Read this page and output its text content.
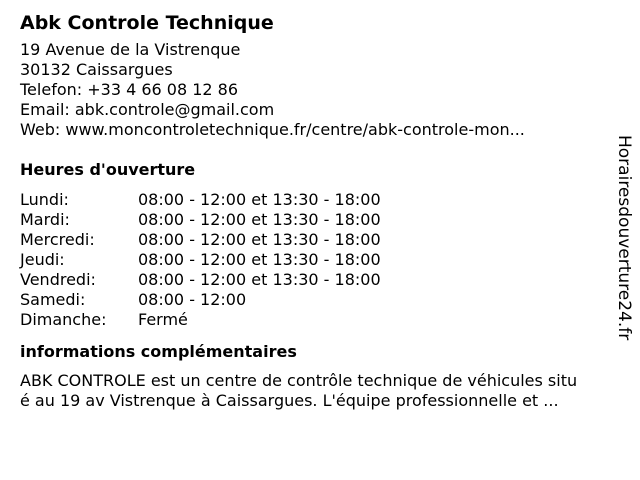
Abk Controle Technique
19 Avenue de la Vistrenque
30132 Caissargues
Telefon: +33 4 66 08 12 86
Email: abk.controle@gmail.com
Web: www.moncontroletechnique.fr/centre/abk-controle-mon...
Heures d'ouverture
Lundi:	08:00 - 12:00 et 13:30 - 18:00
Mardi:	08:00 - 12:00 et 13:30 - 18:00
Mercredi:	08:00 - 12:00 et 13:30 - 18:00
Jeudi:	08:00 - 12:00 et 13:30 - 18:00
Vendredi:	08:00 - 12:00 et 13:30 - 18:00
Samedi:	08:00 - 12:00
Dimanche:	Fermé
informations complémentaires
ABK CONTROLE est un centre de contrôle technique de véhicules situ
é au 19 av Vistrenque à Caissargues. L'équipe professionnelle et ...
Horairesdouverture24.fr
